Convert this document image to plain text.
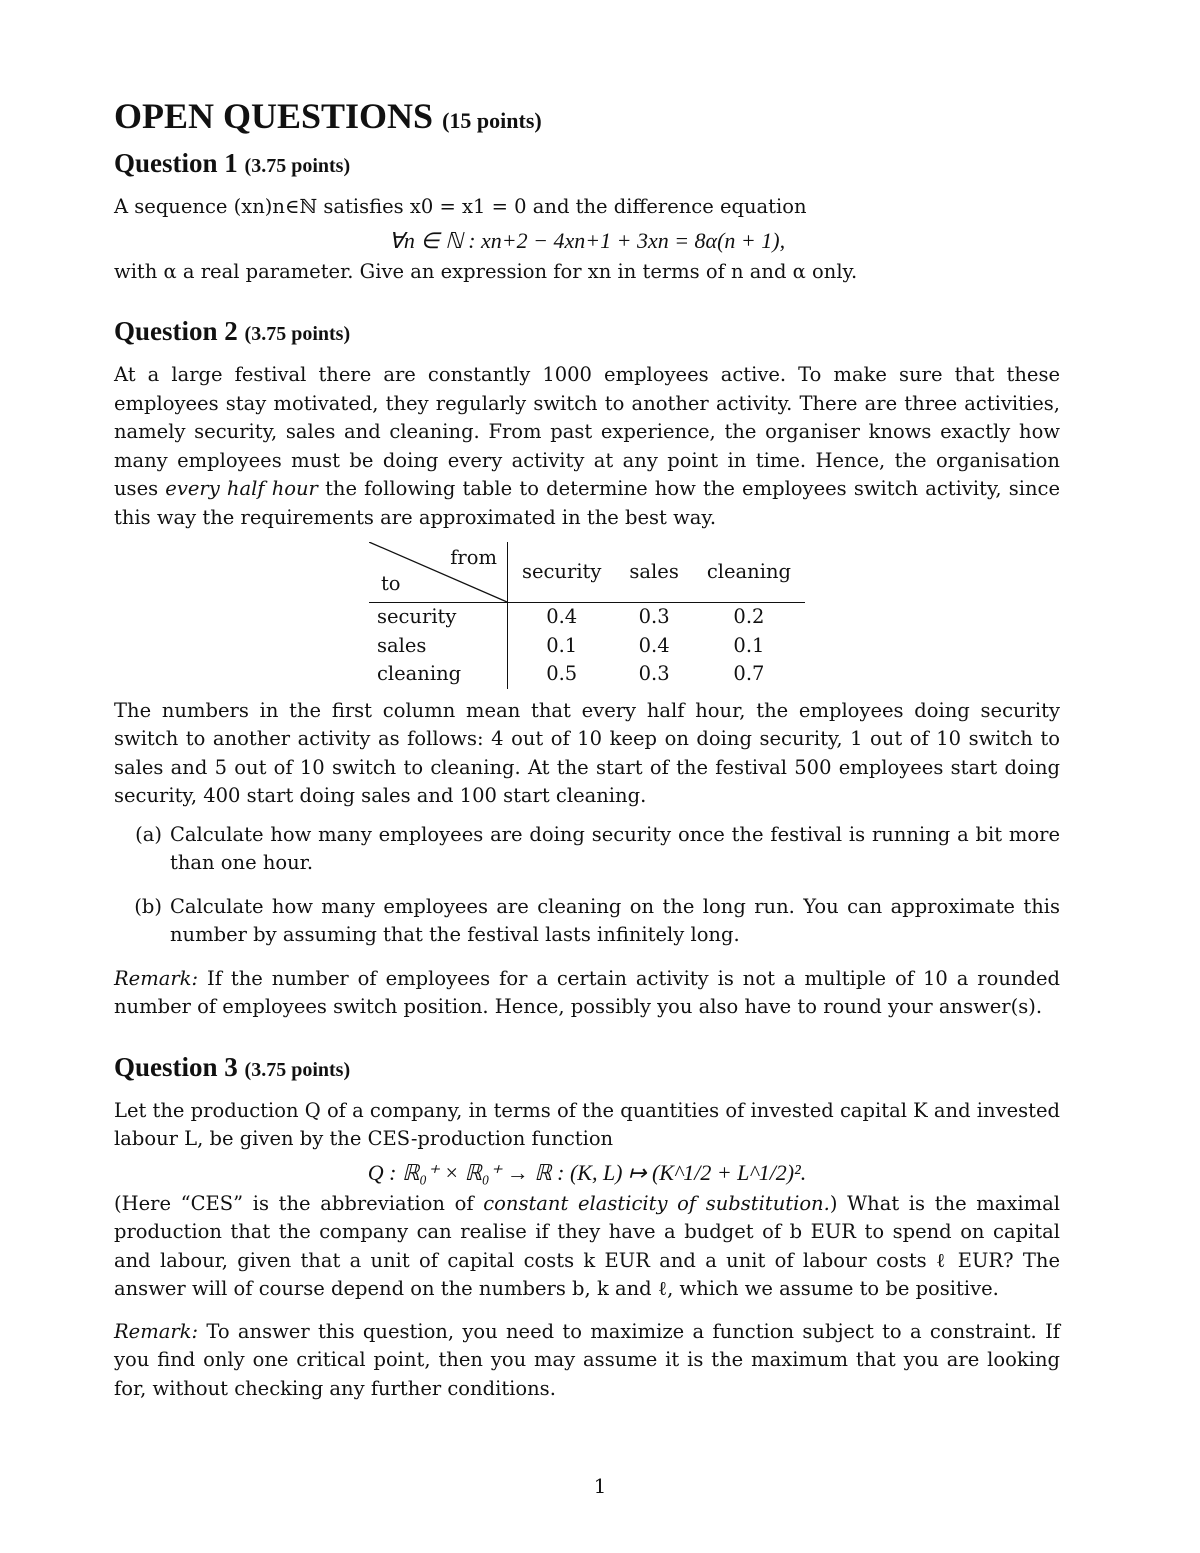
OPEN QUESTIONS (15 points)
Question 1 (3.75 points)

A sequence (xn)n∈ℕ satisfies x0 = x1 = 0 and the difference equation

∀n ∈ ℕ : xn+2 − 4xn+1 + 3xn = 8α(n + 1),

with α a real parameter. Give an expression for xn in terms of n and α only.

Question 2 (3.75 points)

At a large festival there are constantly 1000 employees active. To make sure that these employees stay motivated, they regularly switch to another activity. There are three activities, namely security, sales and cleaning. From past experience, the organiser knows exactly how many employees must be doing every activity at any point in time. Hence, the organisation uses every half hour the following table to determine how the employees switch activity, since this way the requirements are approximated in the best way.

from
to	security	sales	cleaning
security	0.4	0.3	0.2
sales	0.1	0.4	0.1
cleaning	0.5	0.3	0.7

The numbers in the first column mean that every half hour, the employees doing security switch to another activity as follows: 4 out of 10 keep on doing security, 1 out of 10 switch to sales and 5 out of 10 switch to cleaning. At the start of the festival 500 employees start doing security, 400 start doing sales and 100 start cleaning.

(a) Calculate how many employees are doing security once the festival is running a bit more than one hour.
(b) Calculate how many employees are cleaning on the long run. You can approximate this number by assuming that the festival lasts infinitely long.

Remark: If the number of employees for a certain activity is not a multiple of 10 a rounded number of employees switch position. Hence, possibly you also have to round your answer(s).

Question 3 (3.75 points)

Let the production Q of a company, in terms of the quantities of invested capital K and invested labour L, be given by the CES-production function

Q : ℝ₀⁺ × ℝ₀⁺ → ℝ : (K, L) ↦ (K^1/2 + L^1/2)².

(Here “CES” is the abbreviation of constant elasticity of substitution.) What is the maximal production that the company can realise if they have a budget of b EUR to spend on capital and labour, given that a unit of capital costs k EUR and a unit of labour costs ℓ EUR? The answer will of course depend on the numbers b, k and ℓ, which we assume to be positive.

Remark: To answer this question, you need to maximize a function subject to a constraint. If you find only one critical point, then you may assume it is the maximum that you are looking for, without checking any further conditions.

1
